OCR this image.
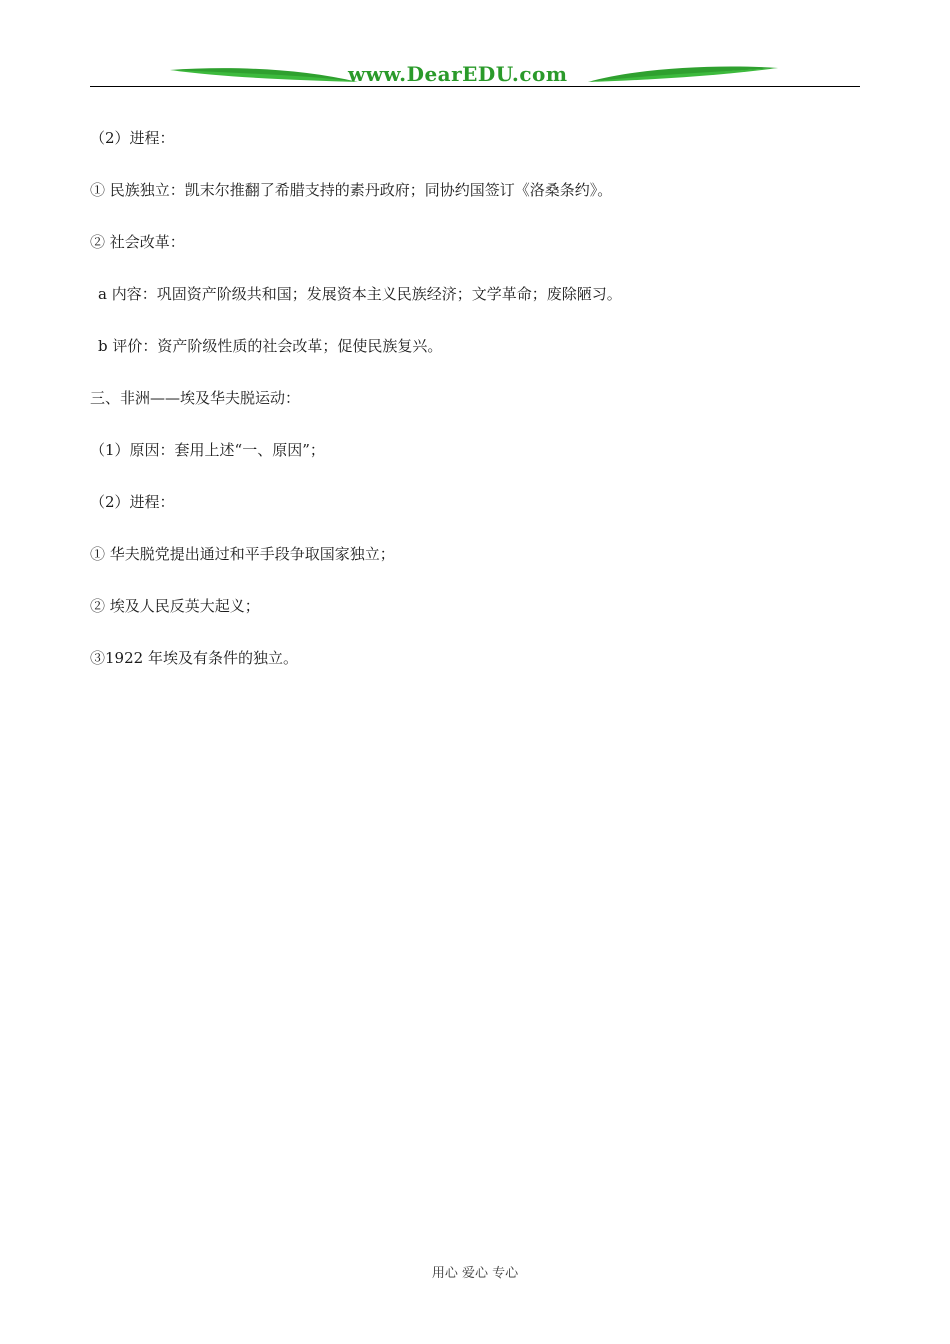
www.DearEDU.com
（2）进程：
① 民族独立：凯末尔推翻了希腊支持的素丹政府；同协约国签订《洛桑条约》。
② 社会改革：
a 内容：巩固资产阶级共和国；发展资本主义民族经济；文学革命；废除陋习。
b 评价：资产阶级性质的社会改革；促使民族复兴。
三、非洲——埃及华夫脱运动：
（1）原因：套用上述“一、原因”；
（2）进程：
① 华夫脱党提出通过和平手段争取国家独立；
② 埃及人民反英大起义；
③1922 年埃及有条件的独立。
用心 爱心 专心
